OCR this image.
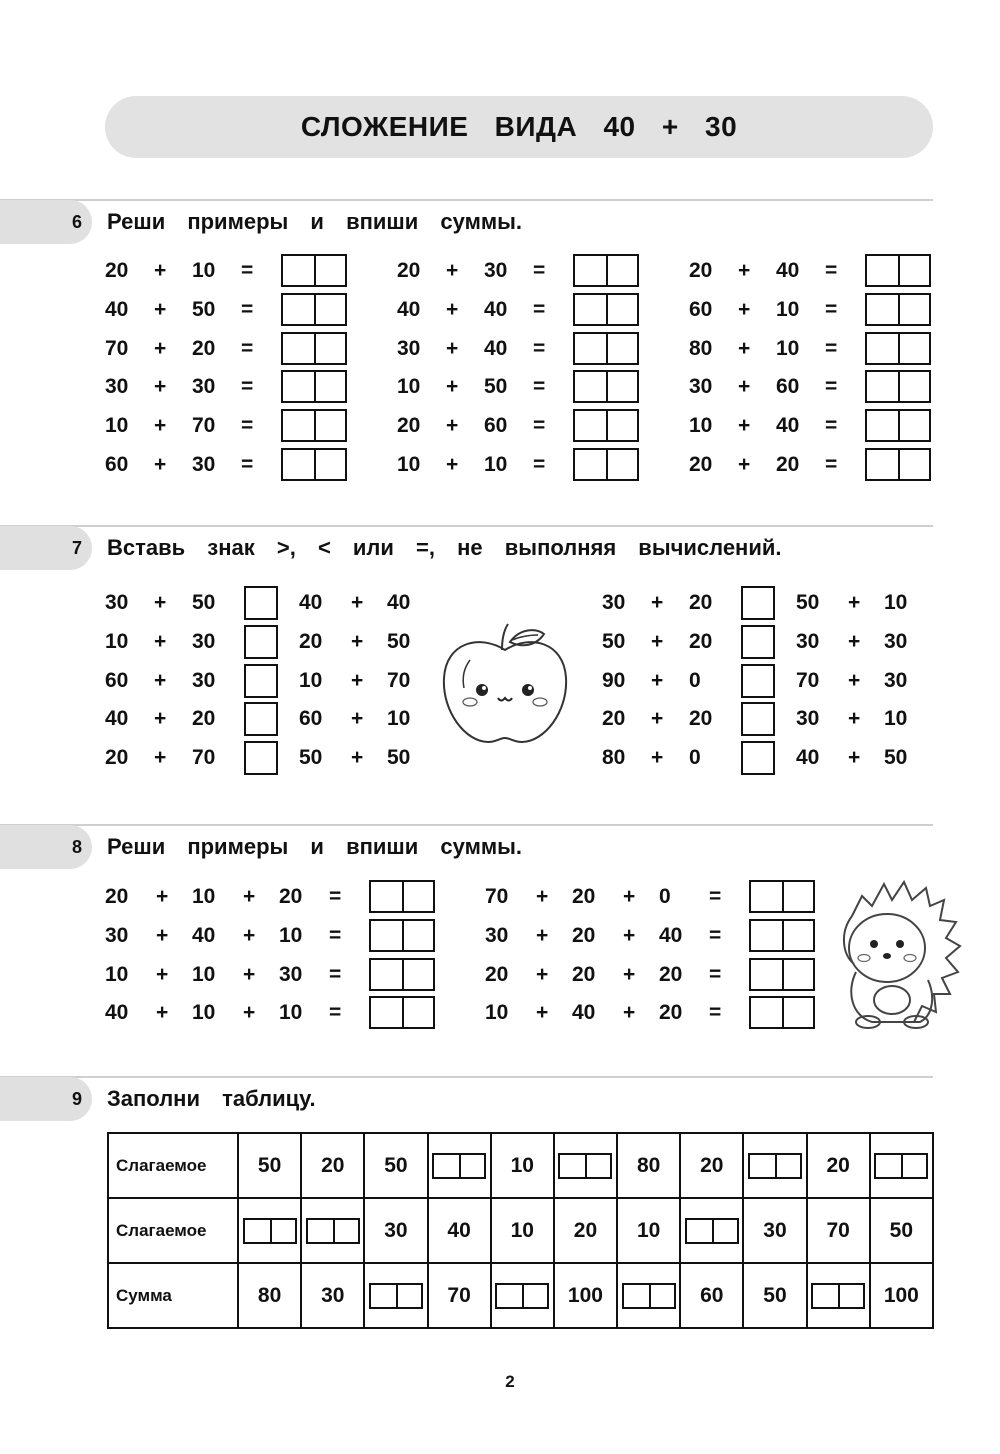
СЛОЖЕНИЕ ВИДА 40 + 30
6 Реши примеры и впиши суммы.
7 Вставь знак >, < или =, не выполняя вычислений.
8 Реши примеры и впиши суммы.
9 Заполни таблицу.
20 + 10 =
40 + 50 =
70 + 20 =
30 + 30 =
10 + 70 =
60 + 30 =
20 + 30 =
40 + 40 =
30 + 40 =
10 + 50 =
20 + 60 =
10 + 10 =
20 + 40 =
60 + 10 =
80 + 10 =
30 + 60 =
10 + 40 =
20 + 20 =
30 + 50	40 + 40
10 + 30	20 + 50
60 + 30	10 + 70
40 + 20	60 + 10
20 + 70	50 + 50
30 + 20	50 + 10
50 + 20	30 + 30
90 + 0	70 + 30
20 + 20	30 + 10
80 + 0	40 + 50
20 + 10 + 20 =
30 + 40 + 10 =
10 + 10 + 30 =
40 + 10 + 10 =
70 + 20 + 0 =
30 + 20 + 40 =
20 + 20 + 20 =
10 + 40 + 20 =
Слагаемое	50	20	50		10		80	20		20	
Слагаемое			30	40	10	20	10		30	70	50
Сумма	80	30		70		100		60	50		100
2
